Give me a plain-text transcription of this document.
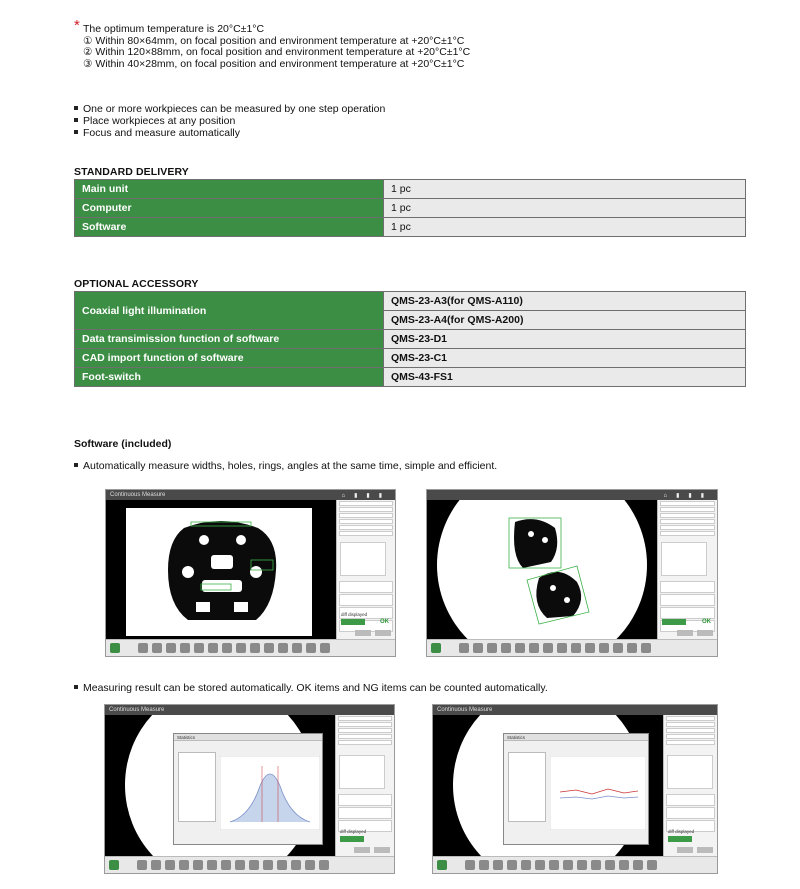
* The optimum temperature is 20°C±1°C
① Within 80×64mm, on focal position and environment temperature at +20°C±1°C
② Within 120×88mm, on focal position and environment temperature at +20°C±1°C
③ Within 40×28mm, on focal position and environment temperature at +20°C±1°C
One or more workpieces can be measured by one step operation
Place workpieces at any position
Focus and measure automatically
STANDARD DELIVERY
Main unit	1 pc
Computer	1 pc
Software	1 pc
OPTIONAL ACCESSORY
Coaxial light illumination	QMS-23-A3(for QMS-A110)
	QMS-23-A4(for QMS-A200)
Data transimission function of software	QMS-23-D1
CAD import function of software	QMS-23-C1
Foot-switch	QMS-43-FS1
Software (included)
Automatically measure widths, holes, rings, angles at the same time, simple and efficient.
Continuous Measure	⌂▮▮▮
diff displayed
OK
⌂▮▮▮
OK
Measuring result can be stored automatically. OK items and NG items can be counted automatically.
Continuous Measure
Statistics
diff displayed
Continuous Measure
Statistics
diff displayed
